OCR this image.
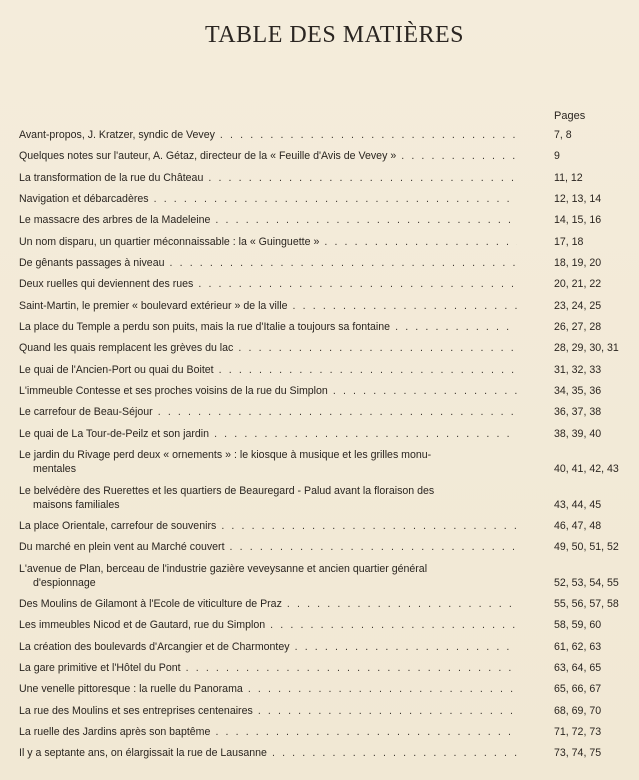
TABLE DES MATIÈRES
Pages
Avant-propos, J. Kratzer, syndic de Vevey . . .	7, 8
Quelques notes sur l'auteur, A. Gétaz, directeur de la « Feuille d'Avis de Vevey » . . .	9
La transformation de la rue du Château . . .	11, 12
Navigation et débarcadères . . .	12, 13, 14
Le massacre des arbres de la Madeleine . . .	14, 15, 16
Un nom disparu, un quartier méconnaissable : la « Guinguette » . . .	17, 18
De gênants passages à niveau . . .	18, 19, 20
Deux ruelles qui deviennent des rues . . .	20, 21, 22
Saint-Martin, le premier « boulevard extérieur » de la ville . . .	23, 24, 25
La place du Temple a perdu son puits, mais la rue d'Italie a toujours sa fontaine . . .	26, 27, 28
Quand les quais remplacent les grèves du lac . . .	28, 29, 30, 31
Le quai de l'Ancien-Port ou quai du Boitet . . .	31, 32, 33
L'immeuble Contesse et ses proches voisins de la rue du Simplon . . .	34, 35, 36
Le carrefour de Beau-Séjour . . .	36, 37, 38
Le quai de La Tour-de-Peilz et son jardin . . .	38, 39, 40
Le jardin du Rivage perd deux « ornements » : le kiosque à musique et les grilles monu-
mentales	40, 41, 42, 43
Le belvédère des Ruerettes et les quartiers de Beauregard - Palud avant la floraison des
maisons familiales	43, 44, 45
La place Orientale, carrefour de souvenirs . . .	46, 47, 48
Du marché en plein vent au Marché couvert . . .	49, 50, 51, 52
L'avenue de Plan, berceau de l'industrie gazière veveysanne et ancien quartier général
d'espionnage	52, 53, 54, 55
Des Moulins de Gilamont à l'Ecole de viticulture de Praz . . .	55, 56, 57, 58
Les immeubles Nicod et de Gautard, rue du Simplon . . .	58, 59, 60
La création des boulevards d'Arcangier et de Charmontey . . .	61, 62, 63
La gare primitive et l'Hôtel du Pont . . .	63, 64, 65
Une venelle pittoresque : la ruelle du Panorama . . .	65, 66, 67
La rue des Moulins et ses entreprises centenaires . . .	68, 69, 70
La ruelle des Jardins après son baptême . . .	71, 72, 73
Il y a septante ans, on élargissait la rue de Lausanne . . .	73, 74, 75
